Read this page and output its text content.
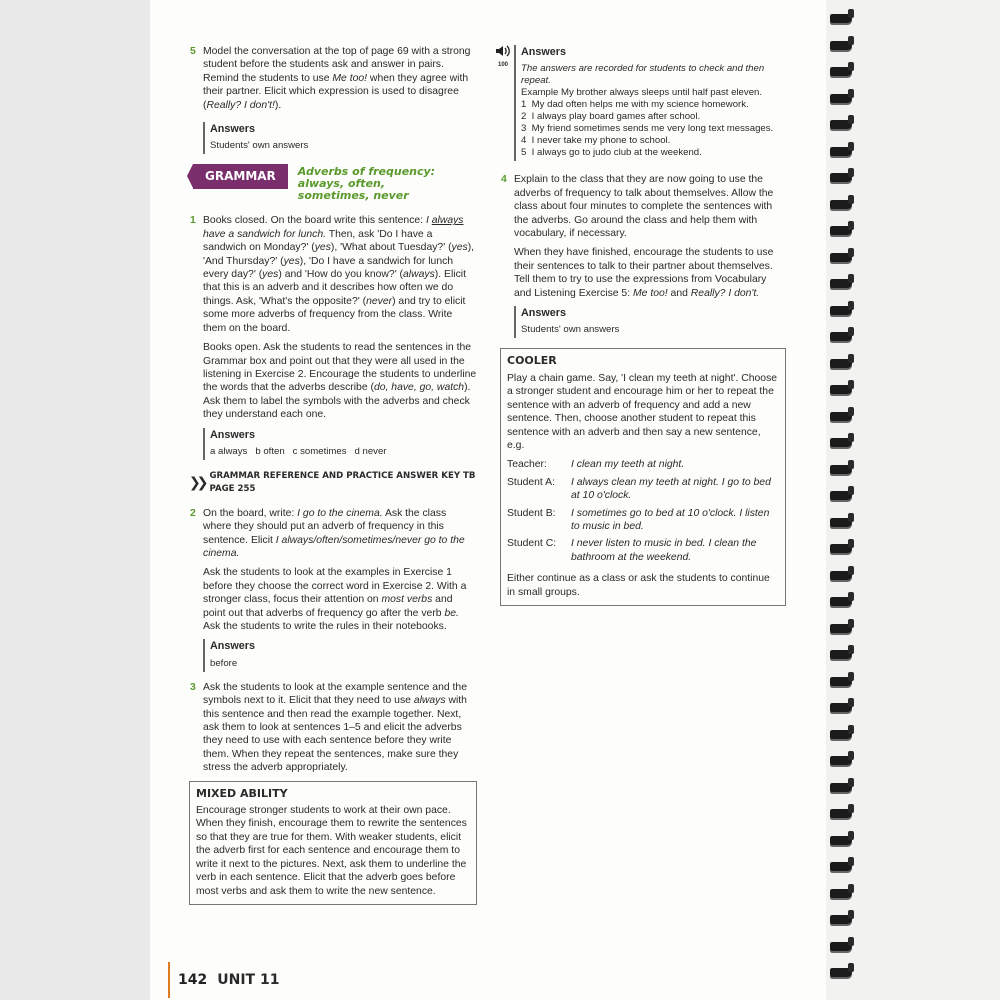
5 Model the conversation at the top of page 69 with a strong student before the students ask and answer in pairs. Remind the students to use Me too! when they agree with their partner. Elicit which expression is used to disagree (Really? I don't!).

Answers
Students' own answers
GRAMMAR	Adverbs of frequency: always, often,
sometimes, never
1 Books closed. On the board write this sentence: I always have a sandwich for lunch. Then, ask 'Do I have a sandwich on Monday?' (yes), 'What about Tuesday?' (yes), 'And Thursday?' (yes), 'Do I have a sandwich for lunch every day?' (yes) and 'How do you know?' (always). Elicit that this is an adverb and it describes how often we do things. Ask, 'What's the opposite?' (never) and try to elicit some more adverbs of frequency from the class. Write them on the board.

Books open. Ask the students to read the sentences in the Grammar box and point out that they were all used in the listening in Exercise 2. Encourage the students to underline the words that the adverbs describe (do, have, go, watch). Ask them to label the symbols with the adverbs and check they understand each one.

Answers
a always   b often   c sometimes   d never
❯❯ GRAMMAR REFERENCE AND PRACTICE ANSWER KEY TB PAGE 255
2 On the board, write: I go to the cinema. Ask the class where they should put an adverb of frequency in this sentence. Elicit I always/often/sometimes/never go to the cinema.

Ask the students to look at the examples in Exercise 1 before they choose the correct word in Exercise 2. With a stronger class, focus their attention on most verbs and point out that adverbs of frequency go after the verb be. Ask the students to write the rules in their notebooks.

Answers
before
3 Ask the students to look at the example sentence and the symbols next to it. Elicit that they need to use always with this sentence and then read the example together. Next, ask them to look at sentences 1–5 and elicit the adverbs they need to use with each sentence before they write them. When they repeat the sentences, make sure they stress the adverb appropriately.

MIXED ABILITY
Encourage stronger students to work at their own pace. When they finish, encourage them to rewrite the sentences so that they are true for them. With weaker students, elicit the adverb first for each sentence and encourage them to write it next to the pictures. Next, ask them to underline the verb in each sentence. Elicit that the adverb goes before most verbs and ask them to write the new sentence.
100
Answers
The answers are recorded for students to check and then repeat.
Example My brother always sleeps until half past eleven.
1  My dad often helps me with my science homework.
2  I always play board games after school.
3  My friend sometimes sends me very long text messages.
4  I never take my phone to school.
5  I always go to judo club at the weekend.
4 Explain to the class that they are now going to use the adverbs of frequency to talk about themselves. Allow the class about four minutes to complete the sentences with the adverbs. Go around the class and help them with vocabulary, if necessary.

When they have finished, encourage the students to use their sentences to talk to their partner about themselves. Tell them to try to use the expressions from Vocabulary and Listening Exercise 5: Me too! and Really? I don't.

Answers
Students' own answers
COOLER
Play a chain game. Say, 'I clean my teeth at night'. Choose a stronger student and encourage him or her to repeat the sentence with an adverb of frequency and add a new sentence. Then, choose another student to repeat this sentence with an adverb and then say a new sentence, e.g.
Teacher:	I clean my teeth at night.
Student A:	I always clean my teeth at night. I go to bed at 10 o'clock.
Student B:	I sometimes go to bed at 10 o'clock. I listen to music in bed.
Student C:	I never listen to music in bed. I clean the bathroom at the weekend.
Either continue as a class or ask the students to continue in small groups.
142 UNIT 11
